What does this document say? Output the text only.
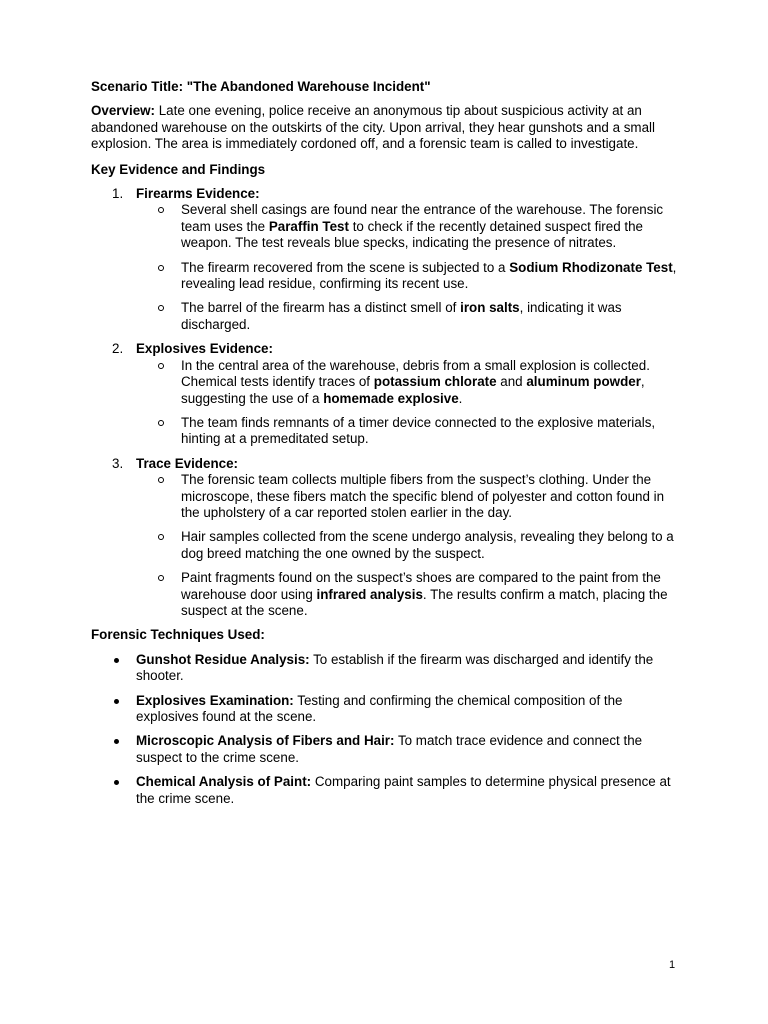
Scenario Title: "The Abandoned Warehouse Incident"

Overview: Late one evening, police receive an anonymous tip about suspicious activity at an abandoned warehouse on the outskirts of the city. Upon arrival, they hear gunshots and a small explosion. The area is immediately cordoned off, and a forensic team is called to investigate.

Key Evidence and Findings

1. Firearms Evidence:

Several shell casings are found near the entrance of the warehouse. The forensic team uses the Paraffin Test to check if the recently detained suspect fired the weapon. The test reveals blue specks, indicating the presence of nitrates.

The firearm recovered from the scene is subjected to a Sodium Rhodizonate Test, revealing lead residue, confirming its recent use.

The barrel of the firearm has a distinct smell of iron salts, indicating it was discharged.

2. Explosives Evidence:

In the central area of the warehouse, debris from a small explosion is collected. Chemical tests identify traces of potassium chlorate and aluminum powder, suggesting the use of a homemade explosive.

The team finds remnants of a timer device connected to the explosive materials, hinting at a premeditated setup.

3. Trace Evidence:

The forensic team collects multiple fibers from the suspect’s clothing. Under the microscope, these fibers match the specific blend of polyester and cotton found in the upholstery of a car reported stolen earlier in the day.

Hair samples collected from the scene undergo analysis, revealing they belong to a dog breed matching the one owned by the suspect.

Paint fragments found on the suspect’s shoes are compared to the paint from the warehouse door using infrared analysis. The results confirm a match, placing the suspect at the scene.

Forensic Techniques Used:

Gunshot Residue Analysis: To establish if the firearm was discharged and identify the shooter.

Explosives Examination: Testing and confirming the chemical composition of the explosives found at the scene.

Microscopic Analysis of Fibers and Hair: To match trace evidence and connect the suspect to the crime scene.

Chemical Analysis of Paint: Comparing paint samples to determine physical presence at the crime scene.

1
